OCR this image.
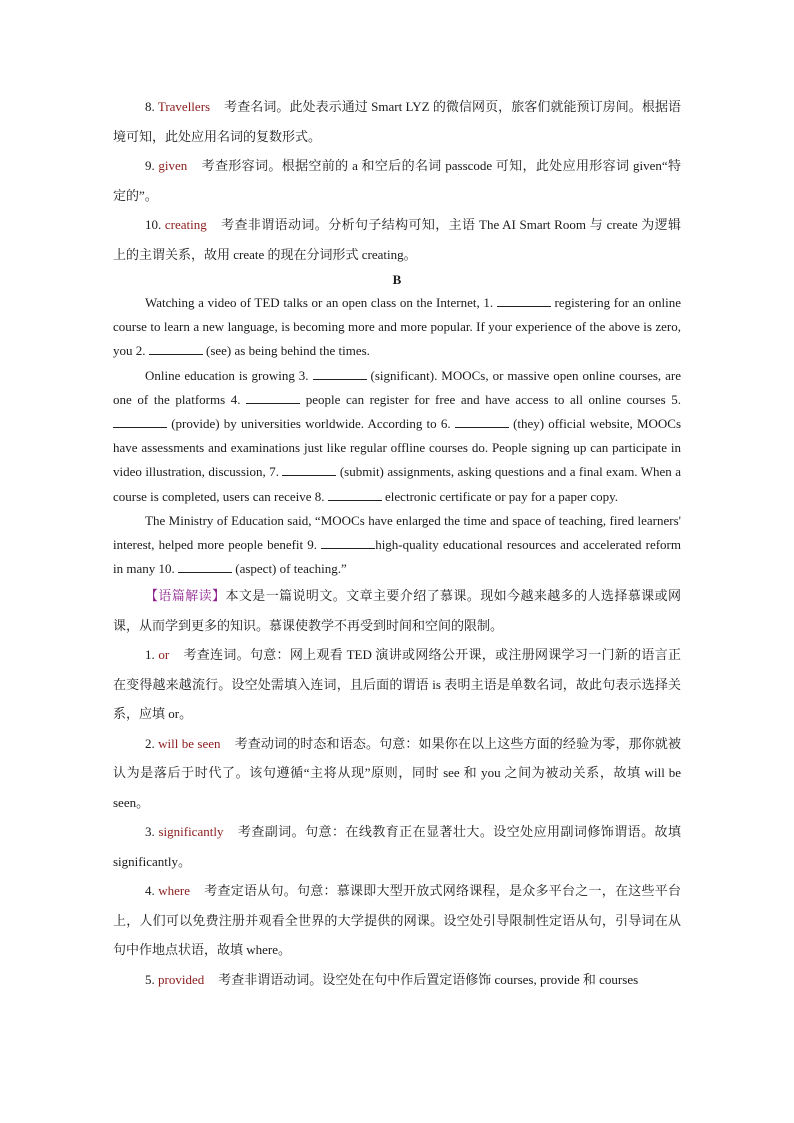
8. Travellers 考查名词。此处表示通过 Smart LYZ 的微信网页，旅客们就能预订房间。根据语境可知，此处应用名词的复数形式。

9. given 考查形容词。根据空前的 a 和空后的名词 passcode 可知，此处应用形容词 given“特定的”。

10. creating 考查非谓语动词。分析句子结构可知，主语 The AI Smart Room 与 create 为逻辑上的主谓关系，故用 create 的现在分词形式 creating。

B

Watching a video of TED talks or an open class on the Internet, 1.	registering for an online course to learn a new language, is becoming more and more popular. If your experience of the above is zero, you 2.	(see) as being behind the times.

Online education is growing 3.	(significant). MOOCs, or massive open online courses, are one of the platforms 4.	people can register for free and have access to all online courses 5. (provide) by universities worldwide. According to 6.	(they) official website, MOOCs have assessments and examinations just like regular offline courses do. People signing up can participate in video illustration, discussion, 7.	(submit) assignments, asking questions and a final exam. When a course is completed, users can receive 8.	electronic certificate or pay for a paper copy.

The Ministry of Education said, “MOOCs have enlarged the time and space of teaching, fired learners' interest, helped more people benefit 9.	high-quality educational resources and accelerated reform in many 10.	(aspect) of teaching.”

【语篇解读】本文是一篇说明文。文章主要介绍了慕课。现如今越来越多的人选择慕课或网课，从而学到更多的知识。慕课使教学不再受到时间和空间的限制。

1. or 考查连词。句意：网上观看 TED 演讲或网络公开课，或注册网课学习一门新的语言正在变得越来越流行。设空处需填入连词，且后面的谓语 is 表明主语是单数名词，故此句表示选择关系，应填 or。

2. will be seen 考查动词的时态和语态。句意：如果你在以上这些方面的经验为零，那你就被认为是落后于时代了。该句遵循“主将从现”原则，同时 see 和 you 之间为被动关系，故填 will be seen。

3. significantly 考查副词。句意：在线教育正在显著壮大。设空处应用副词修饰谓语。故填 significantly。

4. where 考查定语从句。句意：慕课即大型开放式网络课程，是众多平台之一，在这些平台上，人们可以免费注册并观看全世界的大学提供的网课。设空处引导限制性定语从句，引导词在从句中作地点状语，故填 where。

5. provided 考查非谓语动词。设空处在句中作后置定语修饰 courses, provide 和 courses
